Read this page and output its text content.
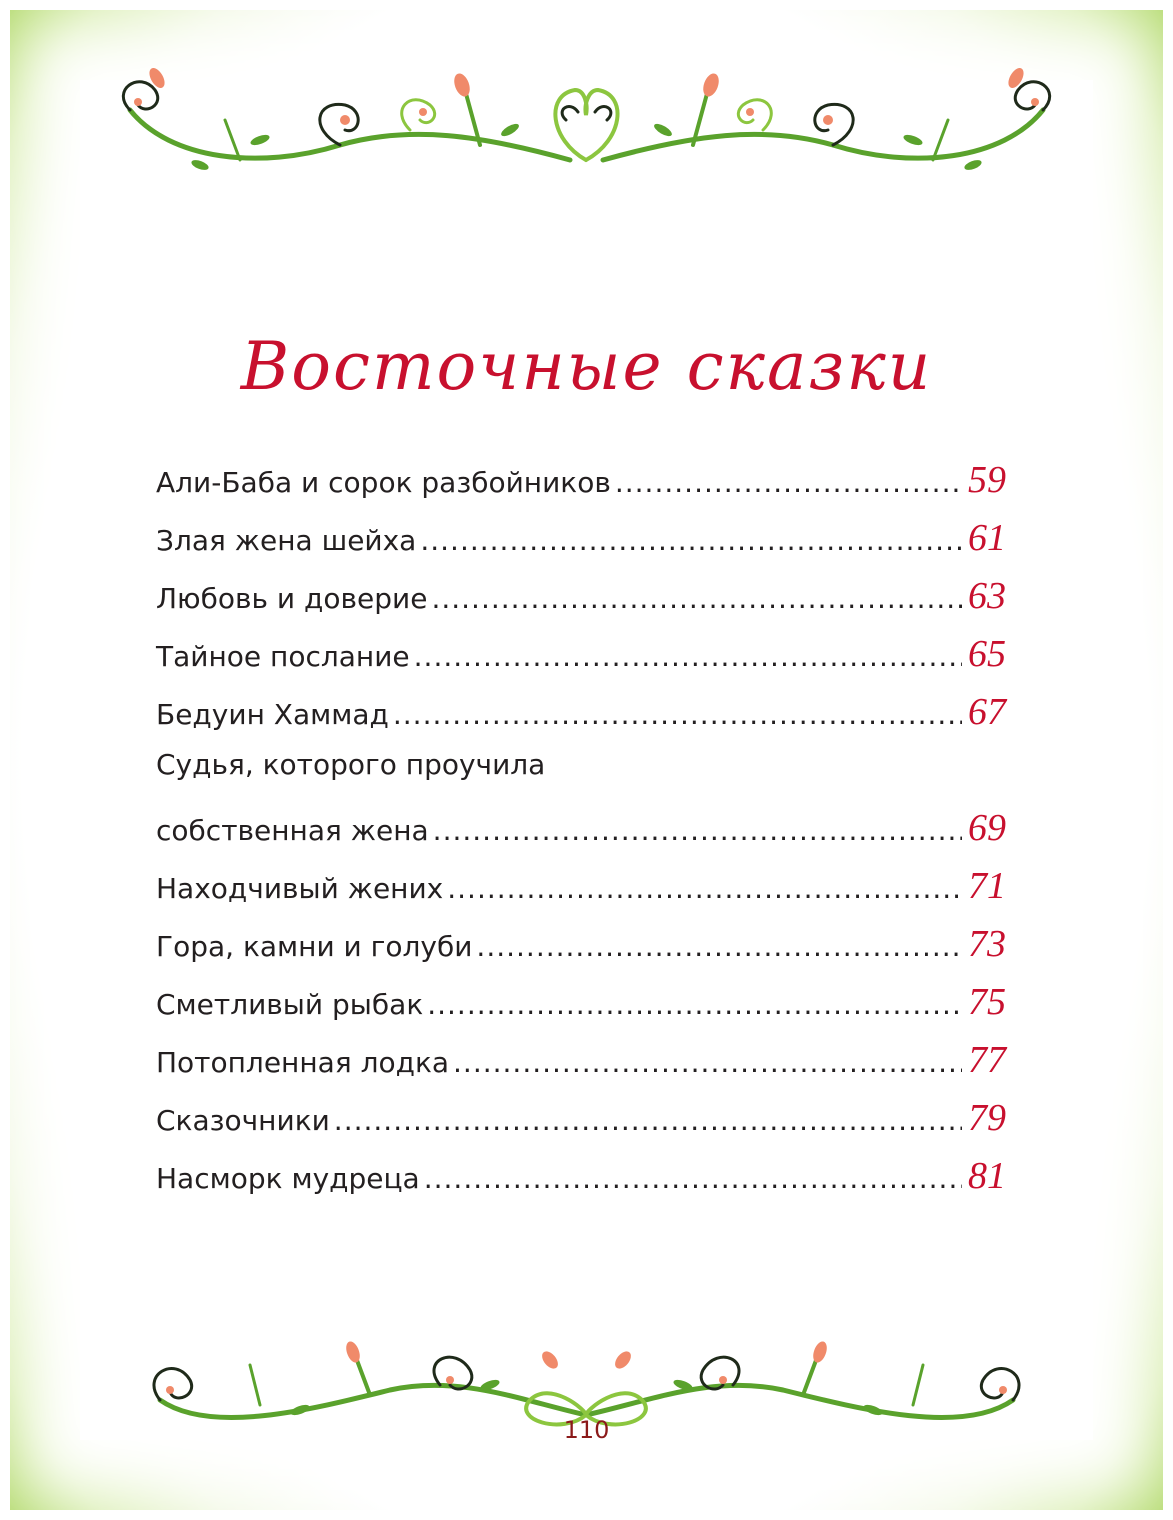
Восточные сказки
Али-Баба и сорок разбойников .....	59
Злая жена шейха .....	61
Любовь и доверие .....	63
Тайное послание .....	65
Бедуин Хаммад .....	67
Судья, которого проучила
собственная жена .....	69
Находчивый жених .....	71
Гора, камни и голуби .....	73
Сметливый рыбак .....	75
Потопленная лодка .....	77
Сказочники .....	79
Насморк мудреца .....	81
110
